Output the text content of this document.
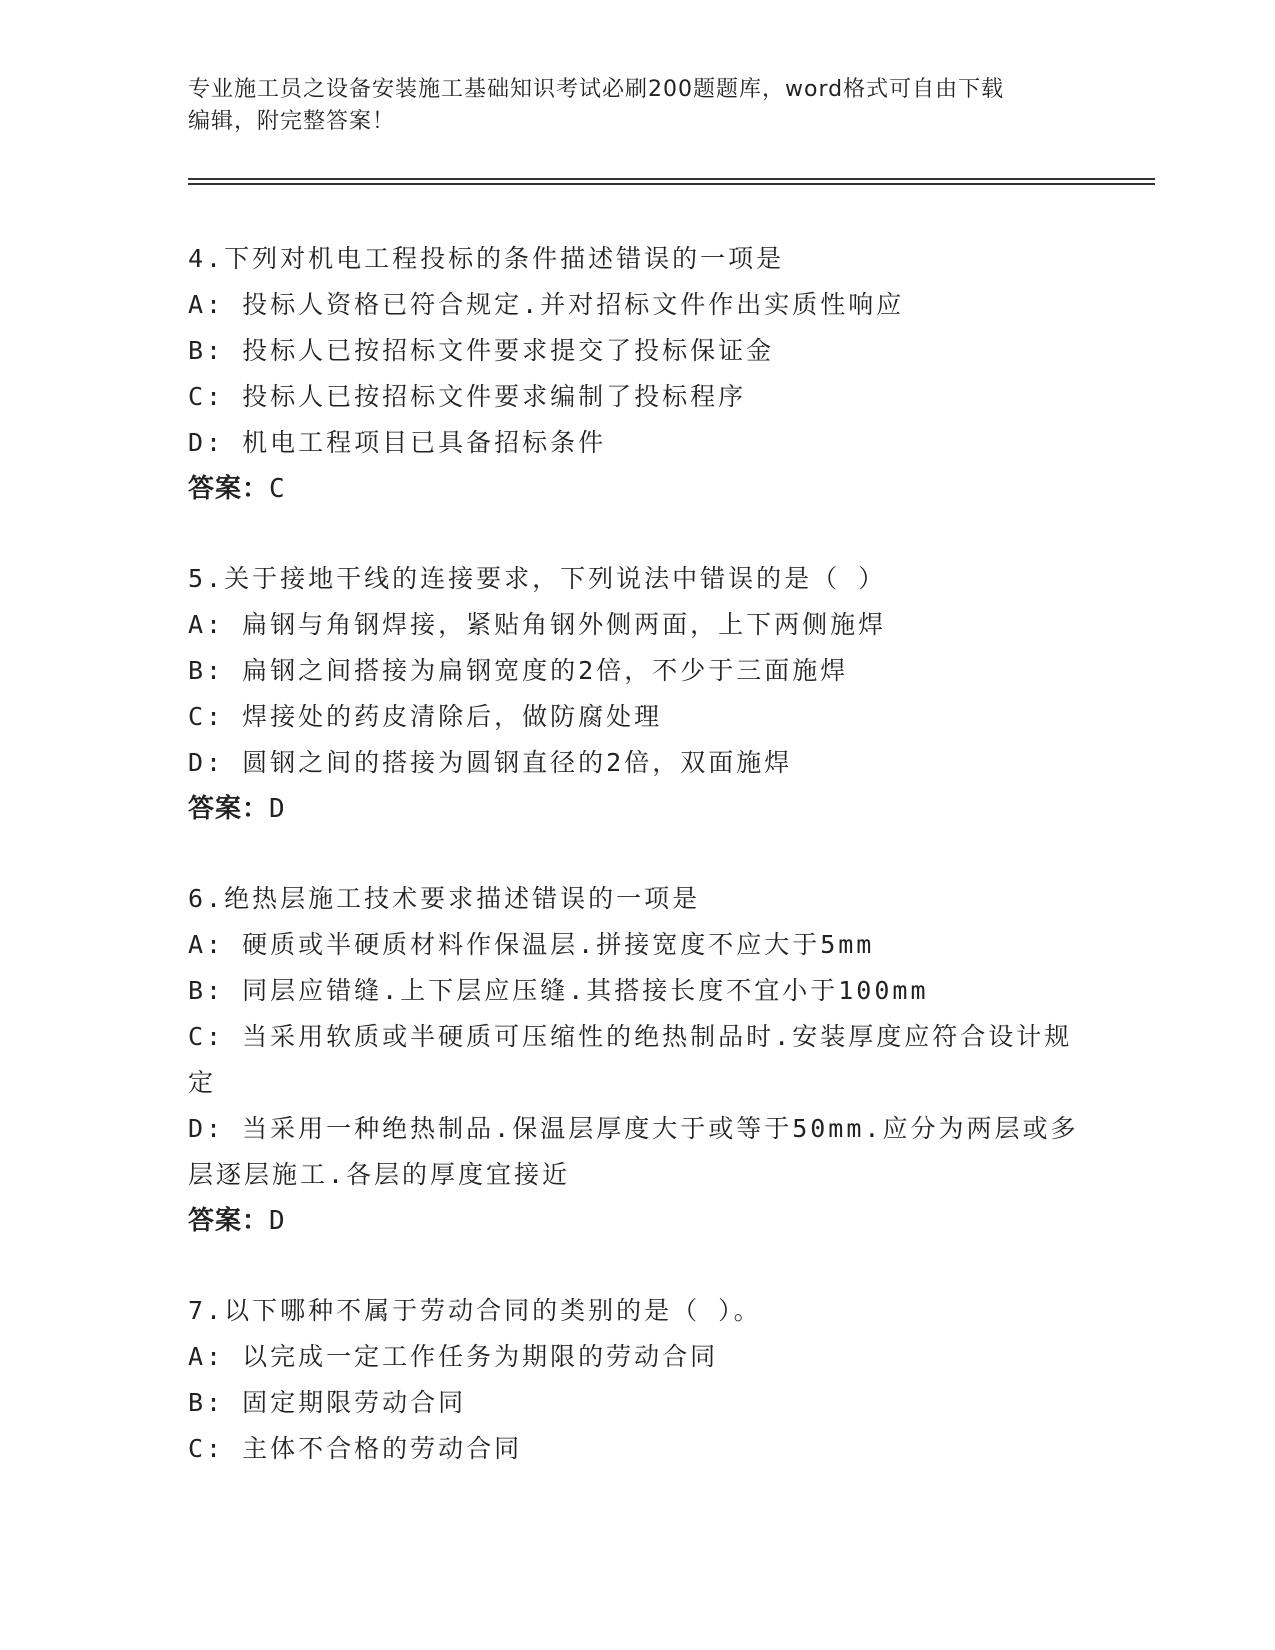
专业施工员之设备安装施工基础知识考试必刷200题题库，word格式可自由下载
编辑，附完整答案！
4.下列对机电工程投标的条件描述错误的一项是
A: 投标人资格已符合规定.并对招标文件作出实质性响应
B: 投标人已按招标文件要求提交了投标保证金
C: 投标人已按招标文件要求编制了投标程序
D: 机电工程项目已具备招标条件
答案：C
5.关于接地干线的连接要求，下列说法中错误的是（ ）
A: 扁钢与角钢焊接，紧贴角钢外侧两面，上下两侧施焊
B: 扁钢之间搭接为扁钢宽度的2倍，不少于三面施焊
C: 焊接处的药皮清除后，做防腐处理
D: 圆钢之间的搭接为圆钢直径的2倍，双面施焊
答案：D
6.绝热层施工技术要求描述错误的一项是
A: 硬质或半硬质材料作保温层.拼接宽度不应大于5mm
B: 同层应错缝.上下层应压缝.其搭接长度不宜小于100mm
C: 当采用软质或半硬质可压缩性的绝热制品时.安装厚度应符合设计规定
D: 当采用一种绝热制品.保温层厚度大于或等于50mm.应分为两层或多层逐层施工.各层的厚度宜接近
答案：D
7.以下哪种不属于劳动合同的类别的是（ ）。
A: 以完成一定工作任务为期限的劳动合同
B: 固定期限劳动合同
C: 主体不合格的劳动合同
